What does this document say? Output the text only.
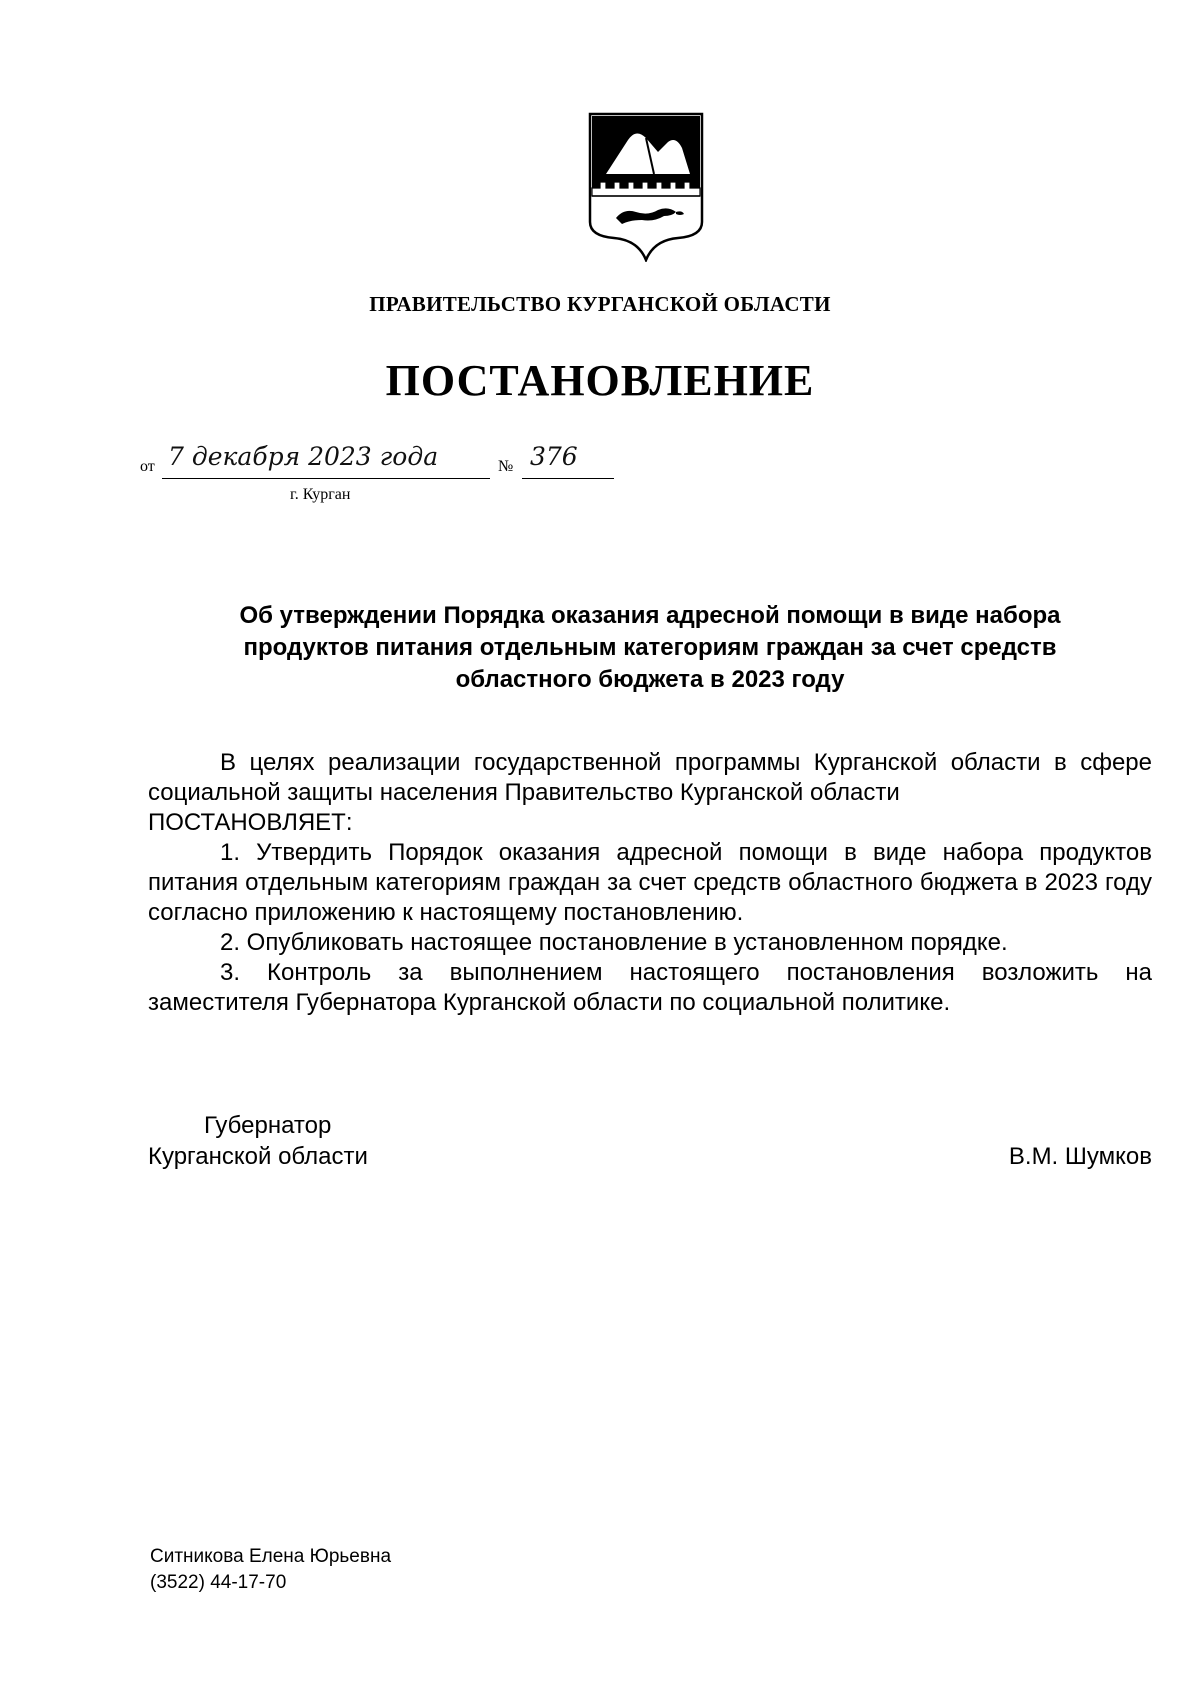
ПРАВИТЕЛЬСТВО КУРГАНСКОЙ ОБЛАСТИ
ПОСТАНОВЛЕНИЕ
от 7 декабря 2023 года	№ 376
г. Курган
Об утверждении Порядка оказания адресной помощи в виде набора
продуктов питания отдельным категориям граждан за счет средств
областного бюджета в 2023 году

В целях реализации государственной программы Курганской области в сфере социальной защиты населения Правительство Курганской области

ПОСТАНОВЛЯЕТ:

1. Утвердить Порядок оказания адресной помощи в виде набора продуктов питания отдельным категориям граждан за счет средств областного бюджета в 2023 году согласно приложению к настоящему постановлению.

2. Опубликовать настоящее постановление в установленном порядке.

3. Контроль за выполнением настоящего постановления возложить на заместителя Губернатора Курганской области по социальной политике.

Губернатор
Курганской области	В.М. Шумков
Ситникова Елена Юрьевна
(3522) 44-17-70
